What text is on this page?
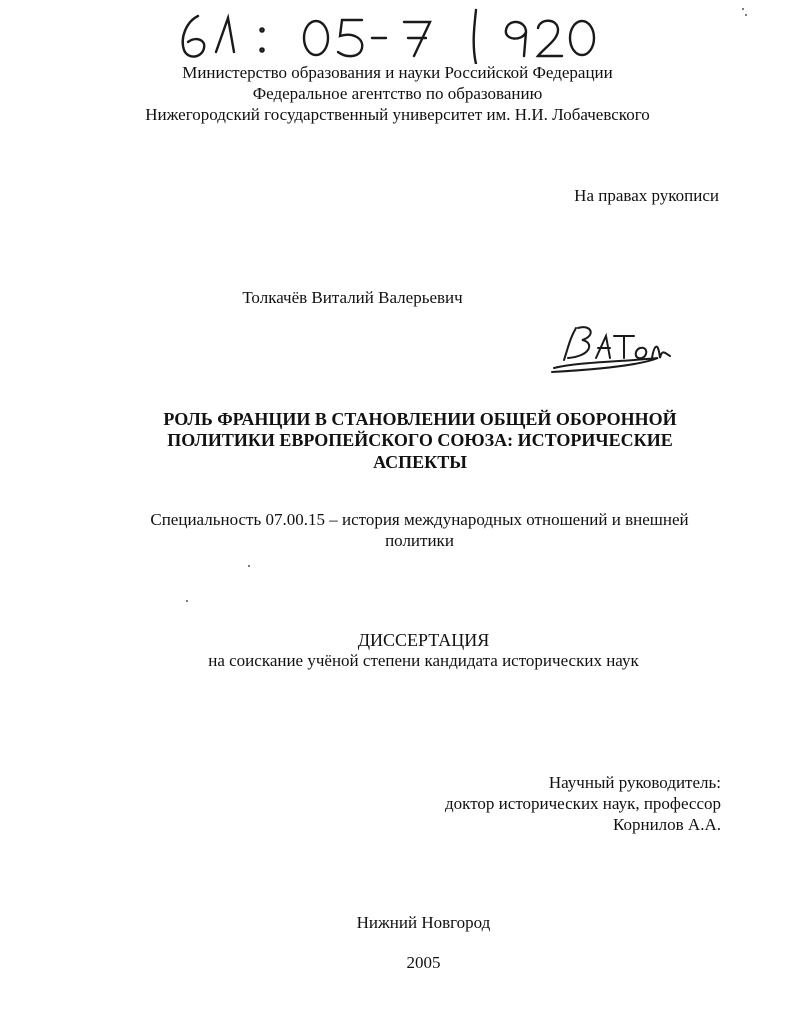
Министерство образования и науки Российской Федерации
Федеральное агентство по образованию
Нижегородский государственный университет им. Н.И. Лобачевского
На правах рукописи
Толкачёв Виталий Валерьевич
РОЛЬ ФРАНЦИИ В СТАНОВЛЕНИИ ОБЩЕЙ ОБОРОННОЙ
ПОЛИТИКИ ЕВРОПЕЙСКОГО СОЮЗА: ИСТОРИЧЕСКИЕ
АСПЕКТЫ
Специальность 07.00.15 – история международных отношений и внешней
политики
ДИССЕРТАЦИЯ
на соискание учёной степени кандидата исторических наук
Научный руководитель:
доктор исторических наук, профессор
Корнилов А.А.
Нижний Новгород
2005
